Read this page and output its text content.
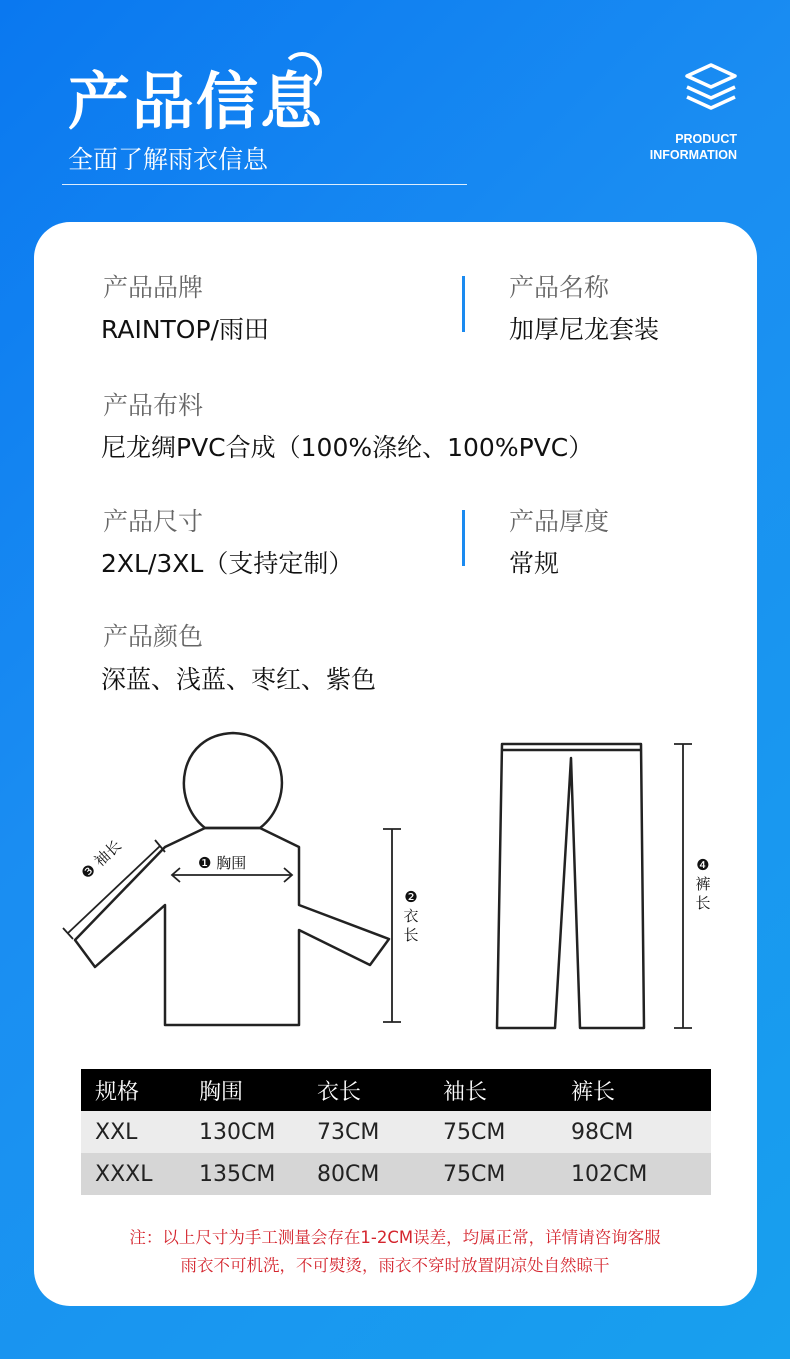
产品信息
全面了解雨衣信息
PRODUCT
INFORMATION
产品品牌
RAINTOP/雨田
产品名称
加厚尼龙套装
产品布料
尼龙绸PVC合成（100%涤纶、100%PVC）
产品尺寸
2XL/3XL（支持定制）
产品厚度
常规
产品颜色
深蓝、浅蓝、枣红、紫色
❶ 胸围
❷衣长
❸ 袖长	❹裤长
规格	胸围	衣长	袖长	裤长
XXL	130CM	73CM	75CM	98CM
XXXL	135CM	80CM	75CM	102CM
注：以上尺寸为手工测量会存在1-2CM误差，均属正常，详情请咨询客服
雨衣不可机洗，不可熨烫，雨衣不穿时放置阴凉处自然晾干
